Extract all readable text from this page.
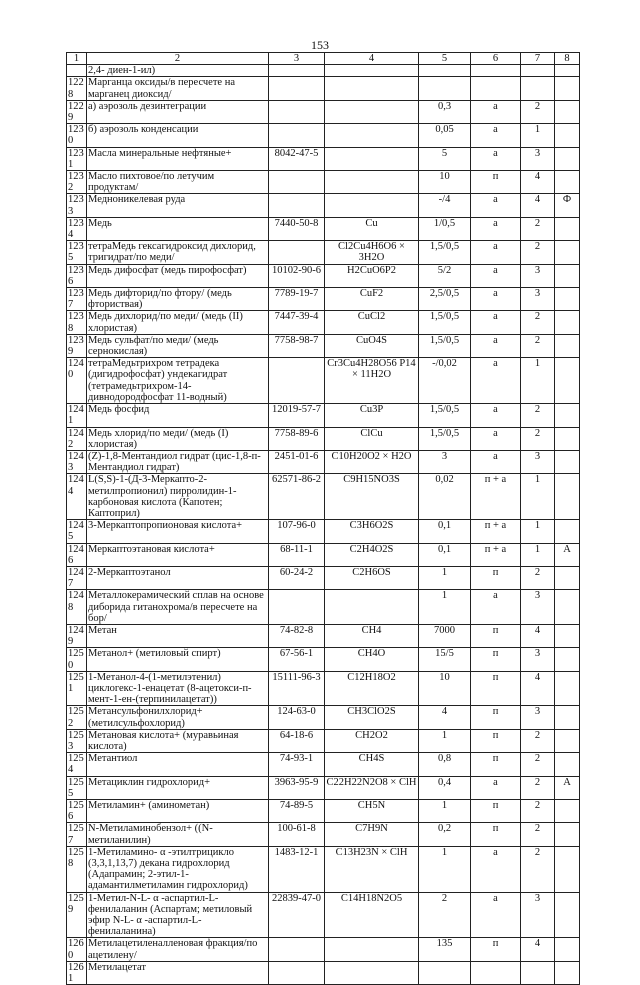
153
1	2	3	4	5	6	7	8
	2,4- диен-1-ил)						
1228	Марганца оксиды/в пересчете на марганец диоксид/						
1229	а) аэрозоль дезинтеграции			0,3	а	2	
1230	б) аэрозоль конденсации			0,05	а	1	
1231	Масла минеральные нефтяные+	8042-47-5		5	а	3	
1232	Масло пихтовое/по летучим продуктам/			10	п	4	
1233	Медноникелевая руда			-/4	а	4	Ф
1234	Медь	7440-50-8	Cu	1/0,5	а	2	
1235	тетраМедь гексагидроксид дихлорид, тригидрат/по меди/		Cl2Cu4H6O6 × 3H2O	1,5/0,5	а	2	
1236	Медь дифосфат (медь пирофосфат)	10102-90-6	H2CuO6P2	5/2	а	3	
1237	Медь дифторид/по фтору/ (медь фториствая)	7789-19-7	CuF2	2,5/0,5	а	3	
1238	Медь дихлорид/по меди/ (медь (II) хлористая)	7447-39-4	CuCl2	1,5/0,5	а	2	
1239	Медь сульфат/по меди/ (медь сернокислая)	7758-98-7	CuO4S	1,5/0,5	а	2	
1240	тетраМедьтрихром тетрадека (дигидрофосфат) ундекагидрат (тетрамедьтрихром-14-дивнодородфосфат 11-водный)		Cr3Cu4H28O56 P14 × 11H2O	-/0,02	а	1	
1241	Медь фосфид	12019-57-7	Cu3P	1,5/0,5	а	2	
1242	Медь хлорид/по меди/ (медь (I) хлористая)	7758-89-6	ClCu	1,5/0,5	а	2	
1243	(Z)-1,8-Ментандиол гидрат (цис-1,8-п-Ментандиол гидрат)	2451-01-6	C10H20O2 × H2O	3	а	3	
1244	L(S,S)-1-(Д-3-Меркапто-2-метилпропионил) пирролидин-1-карбоновая кислота (Капотен; Каптоприл)	62571-86-2	C9H15NO3S	0,02	п + а	1	
1245	3-Меркаптопропионовая кислота+	107-96-0	C3H6O2S	0,1	п + а	1	
1246	Меркаптоэтановая кислота+	68-11-1	C2H4O2S	0,1	п + а	1	А
1247	2-Меркаптоэтанол	60-24-2	C2H6OS	1	п	2	
1248	Металлокерамический сплав на основе диборида гитанохрома/в пересчете на бор/			1	а	3	
1249	Метан	74-82-8	CH4	7000	п	4	
1250	Метанол+ (метиловый спирт)	67-56-1	CH4O	15/5	п	3	
1251	1-Метанол-4-(1-метилэтенил) циклогекс-1-енацетат (8-ацетокси-п-мент-1-ен-(терпинилацетат))	15111-96-3	C12H18O2	10	п	4	
1252	Метансульфонилхлорид+ (метилсульфохлорид)	124-63-0	CH3ClO2S	4	п	3	
1253	Метановая кислота+ (муравьиная кислота)	64-18-6	CH2O2	1	п	2	
1254	Метантиол	74-93-1	CH4S	0,8	п	2	
1255	Метациклин гидрохлорид+	3963-95-9	C22H22N2O8 × ClH	0,4	а	2	А
1256	Метиламин+ (аминометан)	74-89-5	CH5N	1	п	2	
1257	N-Метиламинобензол+ ((N-метиланилин)	100-61-8	C7H9N	0,2	п	2	
1258	1-Метиламино- α -этилтрицикло (3,3,1,13,7) декана гидрохлорид (Адапрамин; 2-этил-1-адамантилметиламин гидрохлорид)	1483-12-1	C13H23N × ClH	1	а	2	
1259	1-Метил-N-L- α -аспартил-L-фенилаланин (Аспартам; метиловый эфир N-L- α -аспартил-L-фенилаланина)	22839-47-0	C14H18N2O5	2	а	3	
1260	Метилацетиленалленовая фракция/по ацетилену/			135	п	4	
1261	Метилацетат						
